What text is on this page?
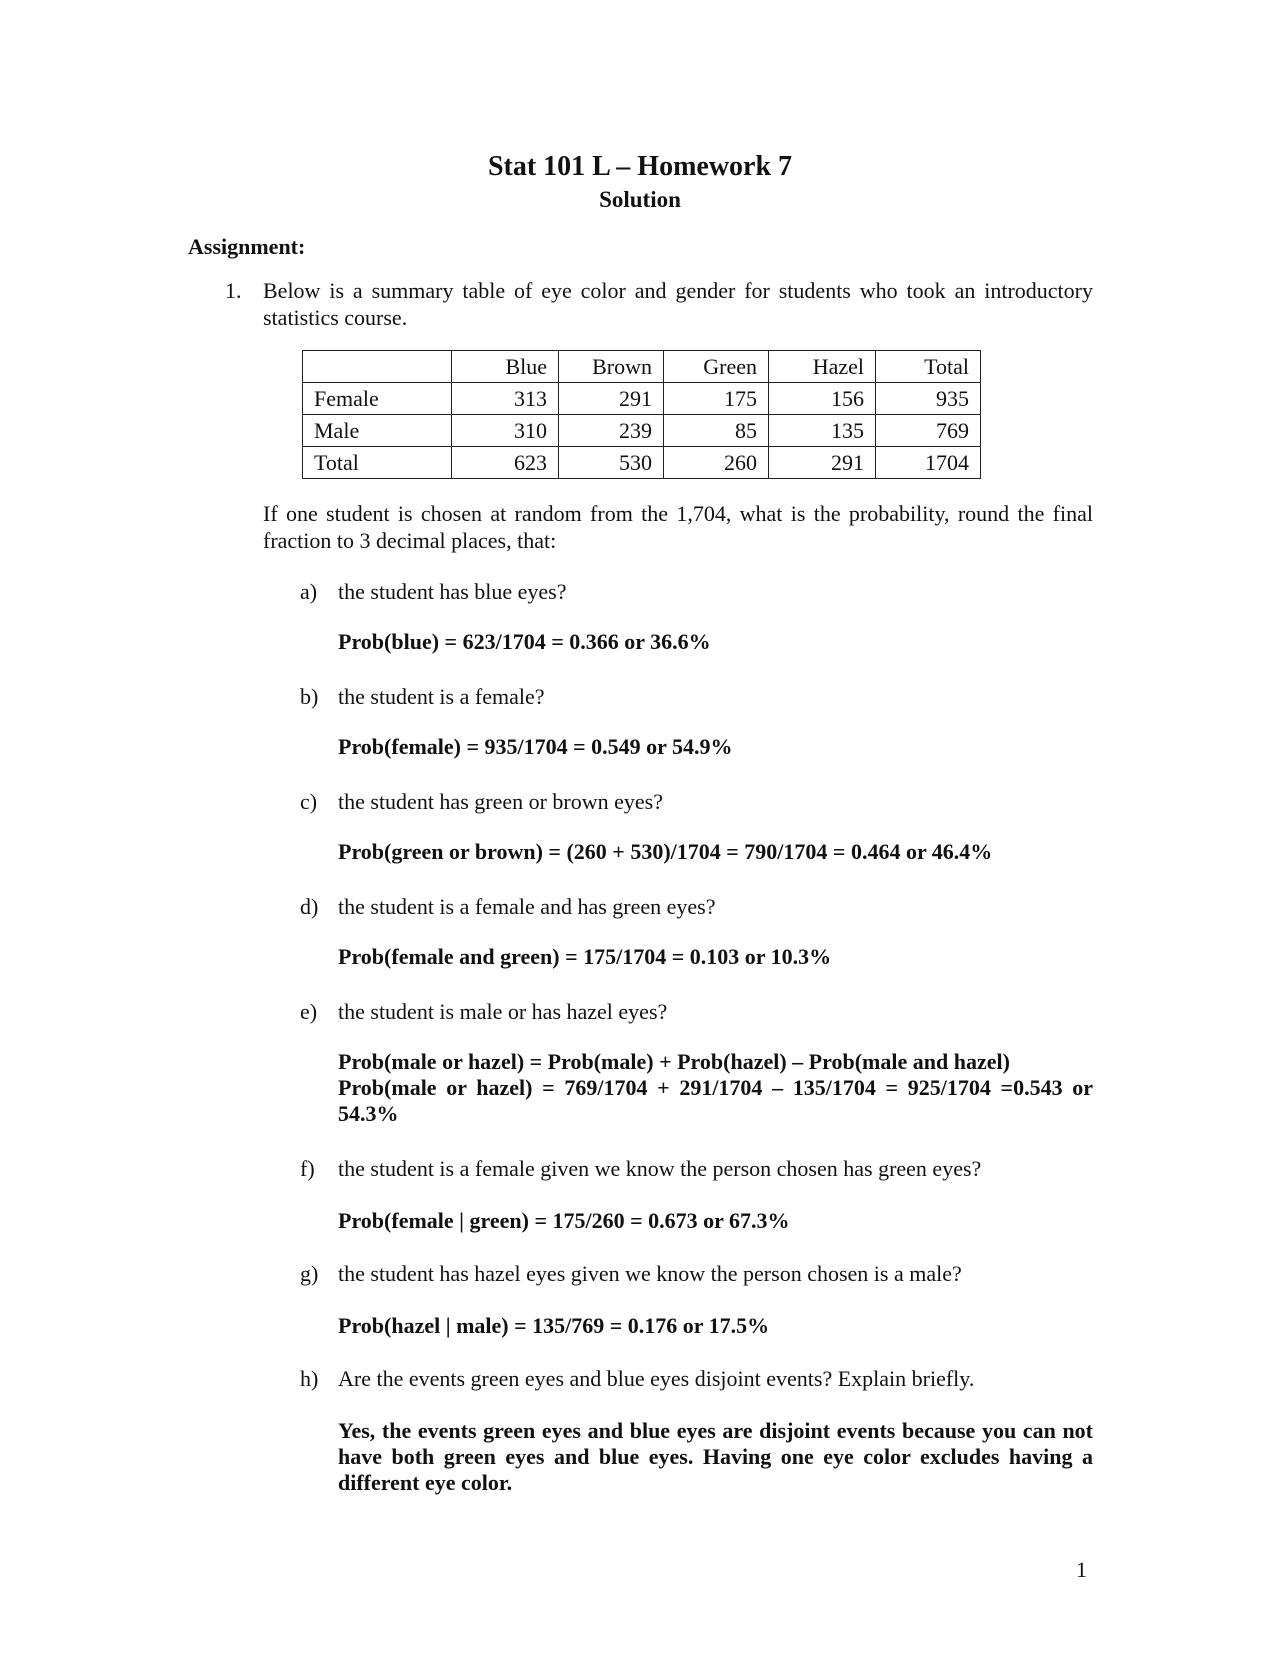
Stat 101 L – Homework 7
Solution
Assignment:
1. Below is a summary table of eye color and gender for students who took an introductory statistics course.
	Blue	Brown	Green	Hazel	Total
Female	313	291	175	156	935
Male	310	239	85	135	769
Total	623	530	260	291	1704
If one student is chosen at random from the 1,704, what is the probability, round the final fraction to 3 decimal places, that:
a) the student has blue eyes?
Prob(blue) = 623/1704 = 0.366 or 36.6%
b) the student is a female?
Prob(female) = 935/1704 = 0.549 or 54.9%
c) the student has green or brown eyes?
Prob(green or brown) = (260 + 530)/1704 = 790/1704 = 0.464 or 46.4%
d) the student is a female and has green eyes?
Prob(female and green) = 175/1704 = 0.103 or 10.3%
e) the student is male or has hazel eyes?
Prob(male or hazel) = Prob(male) + Prob(hazel) – Prob(male and hazel)
Prob(male or hazel) = 769/1704 + 291/1704 – 135/1704 = 925/1704 =0.543 or 54.3%
f) the student is a female given we know the person chosen has green eyes?
Prob(female | green) = 175/260 = 0.673 or 67.3%
g) the student has hazel eyes given we know the person chosen is a male?
Prob(hazel | male) = 135/769 = 0.176 or 17.5%
h) Are the events green eyes and blue eyes disjoint events? Explain briefly.
Yes, the events green eyes and blue eyes are disjoint events because you can not have both green eyes and blue eyes. Having one eye color excludes having a different eye color.
1
